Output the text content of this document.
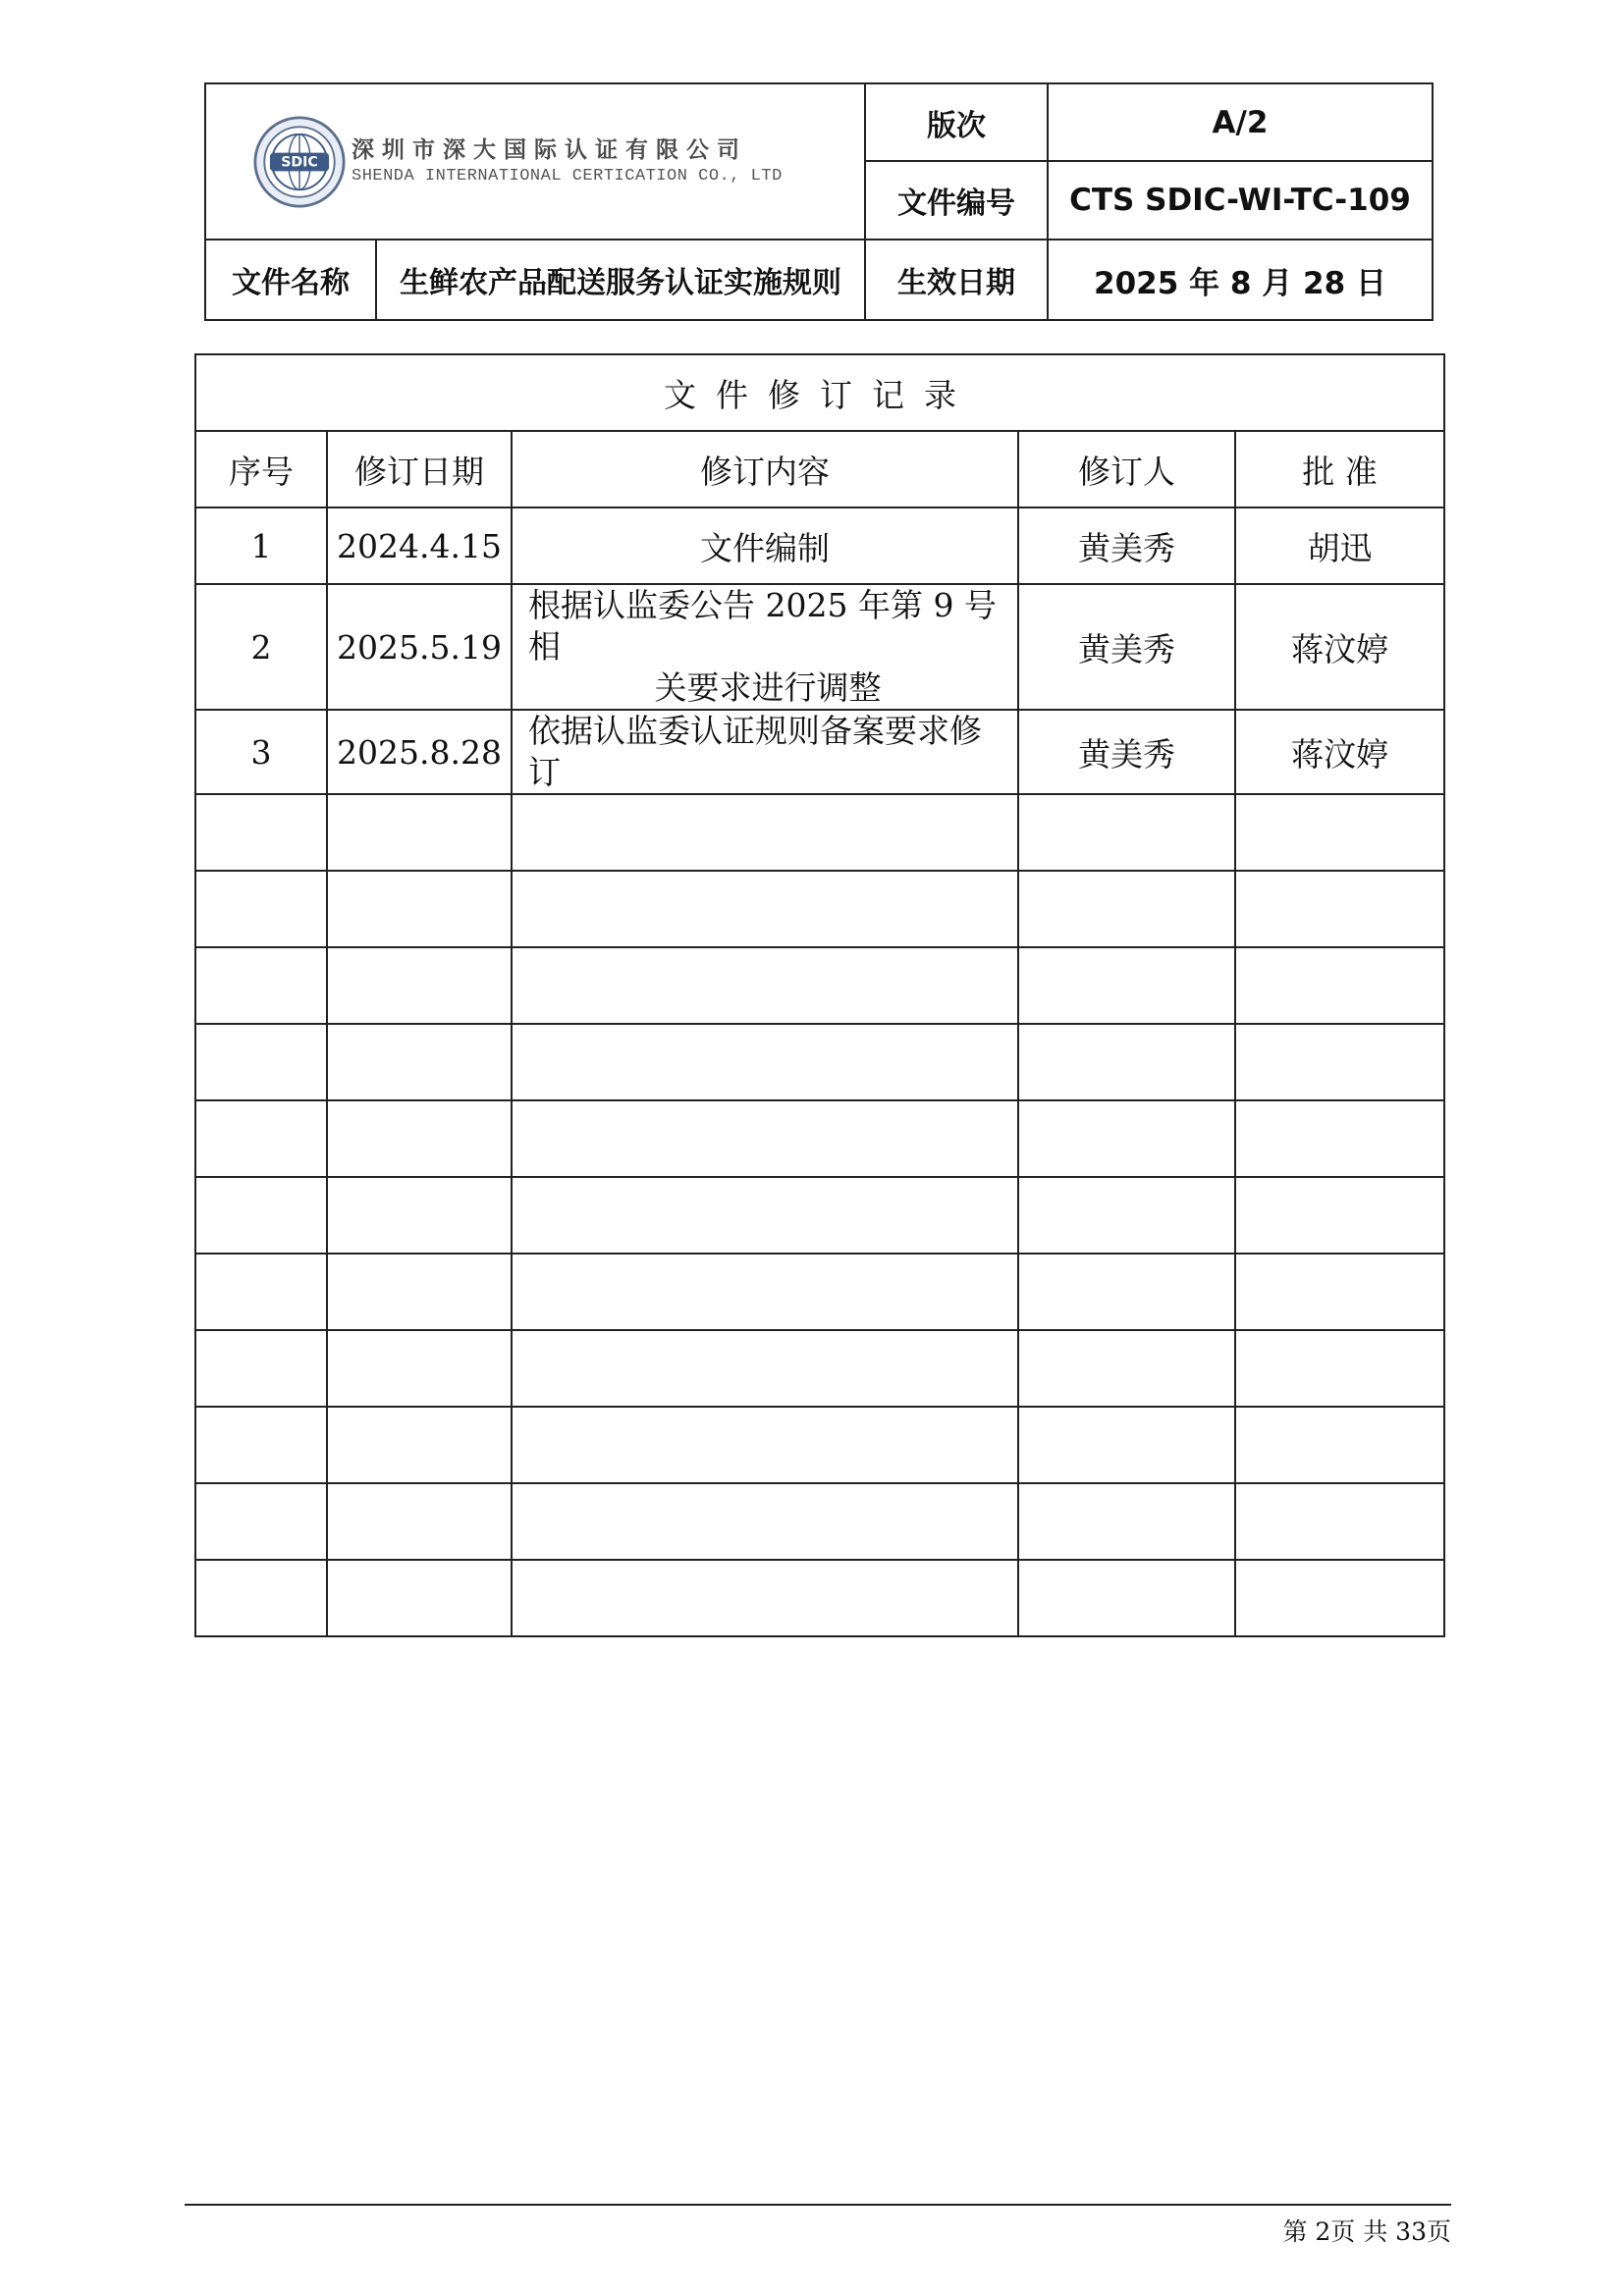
SDIC 深圳市深大国际认证有限公司
SHENDA INTERNATIONAL CERTICATION CO., LTD		版次	A/2
		文件编号	CTS SDIC-WI-TC-109
文件名称	生鲜农产品配送服务认证实施规则	生效日期	2025 年 8 月 28 日
文件修订记录				
序号	修订日期	修订内容	修订人	批 准
1	2024.4.15	文件编制	黄美秀	胡迅
2	2025.5.19	根据认监委公告 2025 年第 9 号相
关要求进行调整	黄美秀	蒋汶婷
3	2025.8.28	依据认监委认证规则备案要求修
订	黄美秀	蒋汶婷

第 2页 共 33页
